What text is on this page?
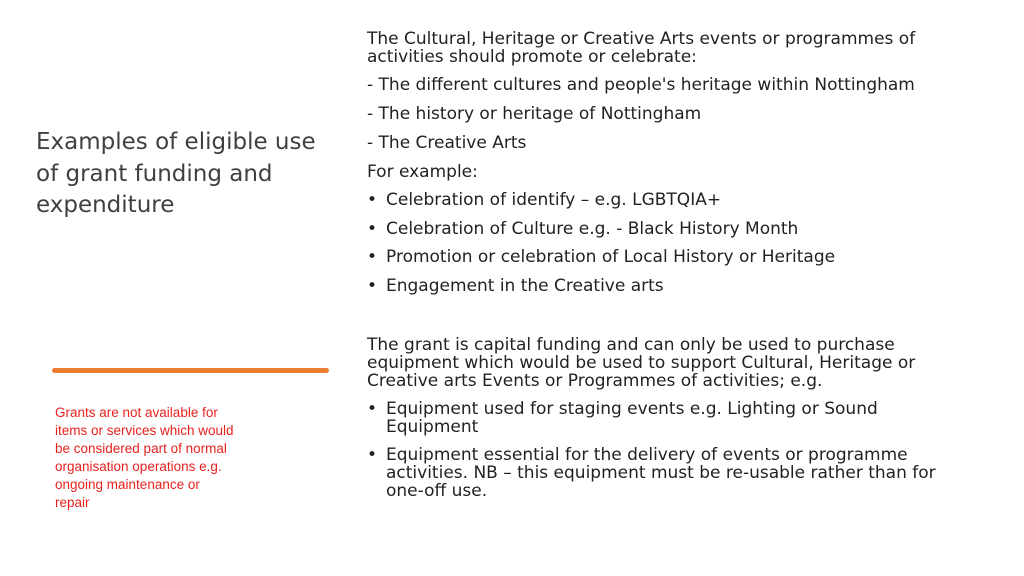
Examples of eligible use of grant funding and expenditure

Grants are not available for items or services which would be considered part of normal organisation operations e.g. ongoing maintenance or repair

The Cultural, Heritage or Creative Arts events or programmes of activities should promote or celebrate:

- The different cultures and people's heritage within Nottingham

- The history or heritage of Nottingham

- The Creative Arts

For example:

• Celebration of identify – e.g. LGBTQIA+
• Celebration of Culture e.g. - Black History Month
• Promotion or celebration of Local History or Heritage
• Engagement in the Creative arts

The grant is capital funding and can only be used to purchase equipment which would be used to support Cultural, Heritage or Creative arts Events or Programmes of activities; e.g.

• Equipment used for staging events e.g. Lighting or Sound Equipment
• Equipment essential for the delivery of events or programme activities. NB – this equipment must be re-usable rather than for one-off use.
